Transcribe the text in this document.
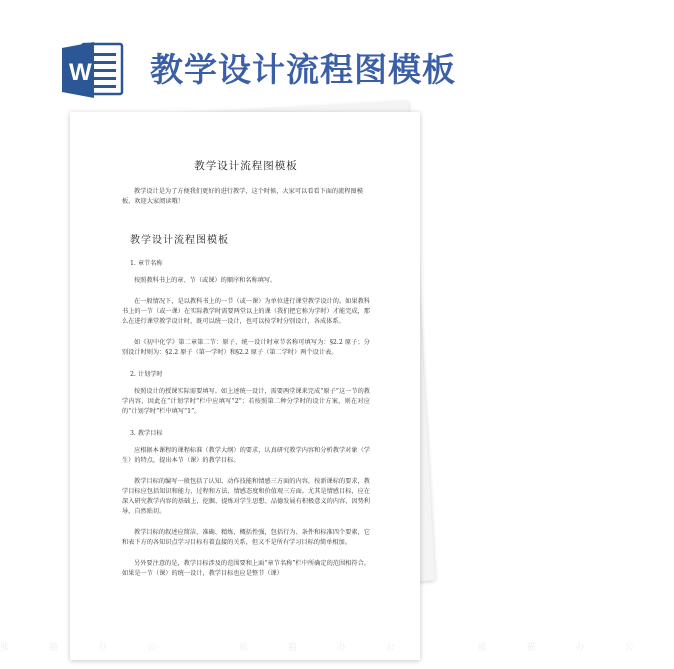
W 教学设计流程图模板
教学设计流程图模板
教学设计是为了方便我们更好的进行教学，这个时候，大家可以看看下面的流程图模板，欢迎大家阅读哦！
教学设计流程图模板
1. 章节名称
按照教科书上的章、节（或课）的顺序和名称填写。
在一般情况下，是以教科书上的一节（或一课）为单位进行课堂教学设计的。如果教科书上的一节（或一课）在实际教学时需要两堂以上的课（我们把它称为学时）才能完成，那么在进行课堂教学设计时，既可以统一设计，也可以按学时分别设计，各成体系。
如《初中化学》第二章第二节：原子，统一设计时章节名称可填写为：§2.2 原子；分别设计时则为：§2.2 原子（第一学时）和§2.2 原子（第二学时）两个设计表。
2. 计划学时
按照设计的授课实际需要填写。如上述统一设计，需要两堂课来完成“原子”这一节的教学内容，因此在“计划学时”栏中应填写“2”；若按照第二种分学时的设计方案，则在对应的“计划学时”栏中填写“1”。
3. 教学目标
应根据本课程的课程标准（教学大纲）的要求，认真研究教学内容和分析教学对象（学生）的特点，提出本节（课）的教学目标。
教学目标的编写一般包括了认知、动作技能和情感三方面的内容，按新课标的要求，教学目标应包括知识和能力、过程和方法、情感态度和价值观三方面。尤其是情感目标，应在深入研究教学内容的基础上，挖掘、提炼对学生思想、品德发展有积极意义的内容，因势利导，自然贴切。
教学目标的叙述应简洁、准确、精炼，概括性强，包括行为、条件和标准四个要素，它和表下方的各知识点学习目标有着直接的关系，但又不是所有学习目标的简单相加。
另外要注意的是，教学目标涉及的范围要和上面“章节名称”栏中所确定的范围相符合。如果是一节（课）的统一设计，教学目标也应是整节（课）
熊猫办公	熊猫办公	熊猫办公
